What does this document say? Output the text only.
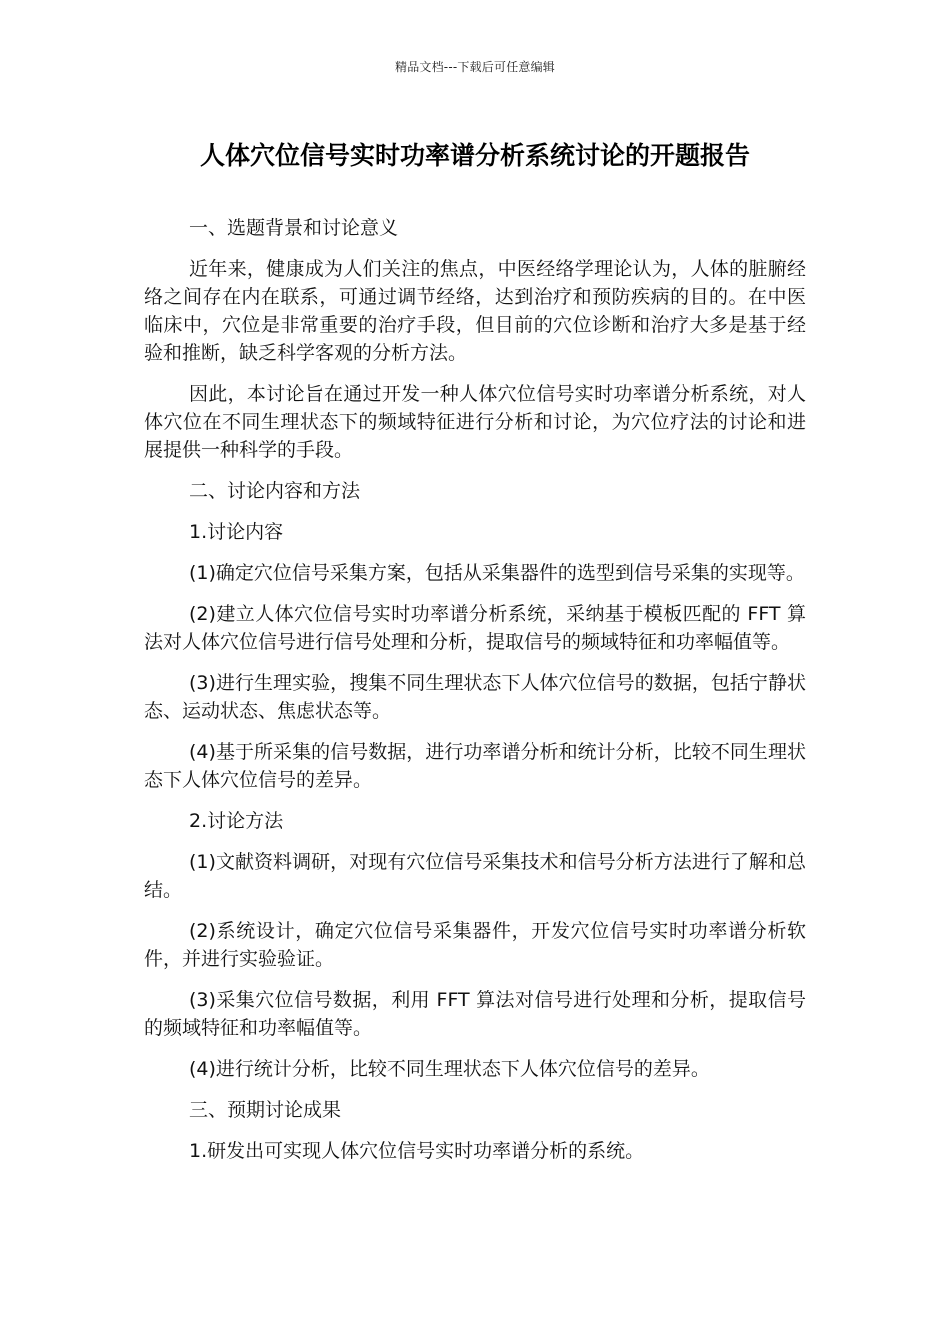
精品文档---下载后可任意编辑
人体穴位信号实时功率谱分析系统讨论的开题报告

一、选题背景和讨论意义

近年来，健康成为人们关注的焦点，中医经络学理论认为，人体的脏腑经络之间存在内在联系，可通过调节经络，达到治疗和预防疾病的目的。在中医临床中，穴位是非常重要的治疗手段，但目前的穴位诊断和治疗大多是基于经验和推断，缺乏科学客观的分析方法。

因此，本讨论旨在通过开发一种人体穴位信号实时功率谱分析系统，对人体穴位在不同生理状态下的频域特征进行分析和讨论，为穴位疗法的讨论和进展提供一种科学的手段。

二、讨论内容和方法

1.讨论内容

(1)确定穴位信号采集方案，包括从采集器件的选型到信号采集的实现等。

(2)建立人体穴位信号实时功率谱分析系统，采纳基于模板匹配的 FFT 算法对人体穴位信号进行信号处理和分析，提取信号的频域特征和功率幅值等。

(3)进行生理实验，搜集不同生理状态下人体穴位信号的数据，包括宁静状态、运动状态、焦虑状态等。

(4)基于所采集的信号数据，进行功率谱分析和统计分析，比较不同生理状态下人体穴位信号的差异。

2.讨论方法

(1)文献资料调研，对现有穴位信号采集技术和信号分析方法进行了解和总结。

(2)系统设计，确定穴位信号采集器件，开发穴位信号实时功率谱分析软件，并进行实验验证。

(3)采集穴位信号数据，利用 FFT 算法对信号进行处理和分析，提取信号的频域特征和功率幅值等。

(4)进行统计分析，比较不同生理状态下人体穴位信号的差异。

三、预期讨论成果

1.研发出可实现人体穴位信号实时功率谱分析的系统。
